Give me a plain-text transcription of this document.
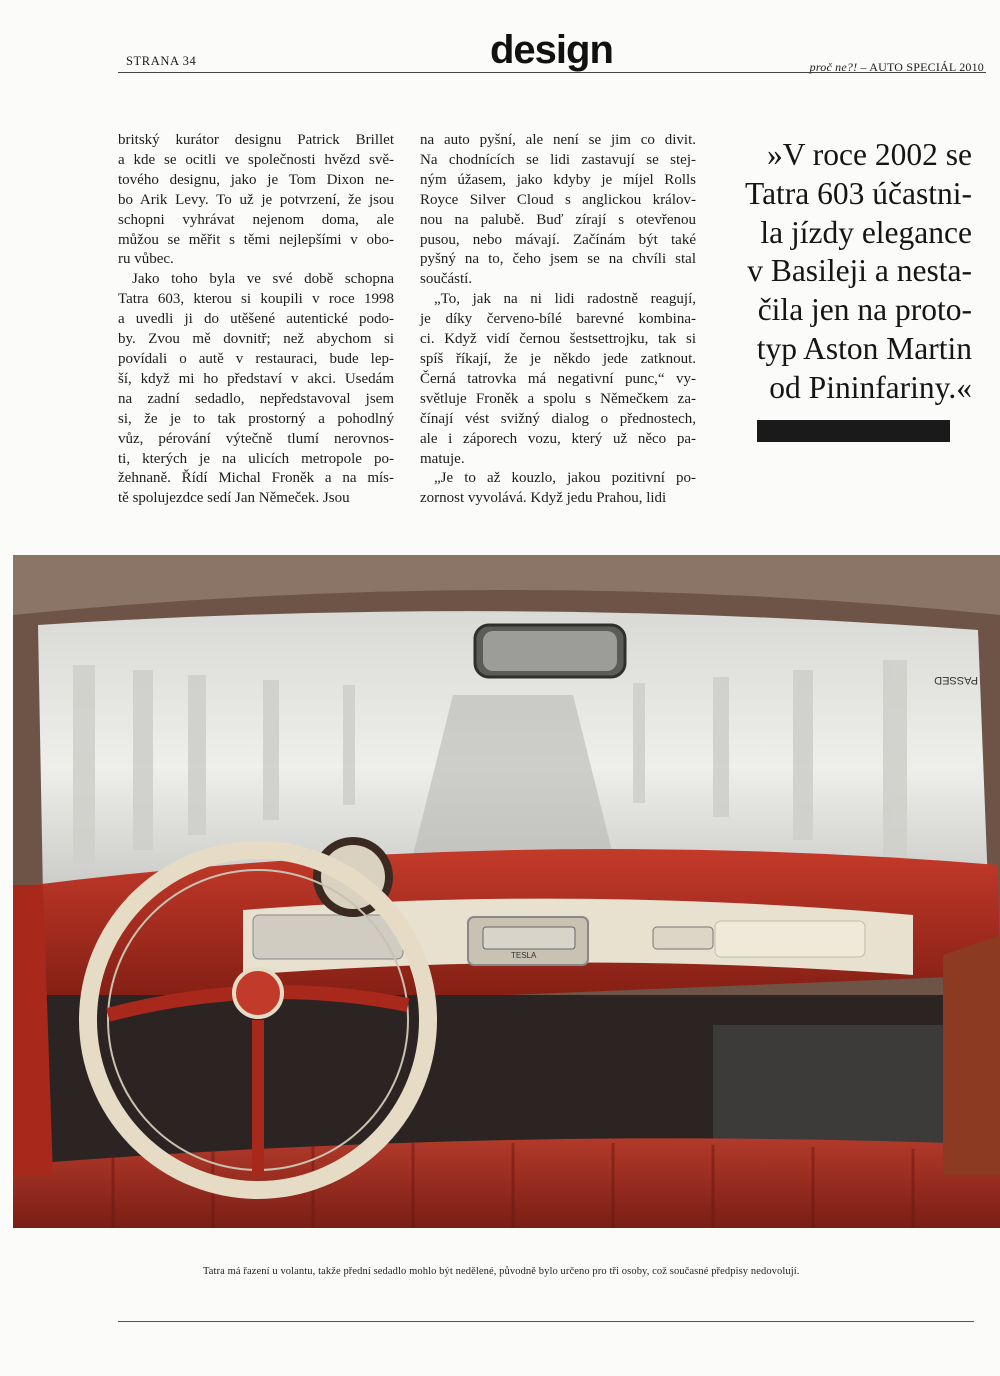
STRANA 34	design	proč ne?! – AUTO SPECIÁL 2010

britský kurátor designu Patrick Brillet
a kde se ocitli ve společnosti hvězd svě-
tového designu, jako je Tom Dixon ne-
bo Arik Levy. To už je potvrzení, že jsou
schopni vyhrávat nejenom doma, ale
můžou se měřit s těmi nejlepšími v obo-
ru vůbec.

Jako toho byla ve své době schopna
Tatra 603, kterou si koupili v roce 1998
a uvedli ji do utěšené autentické podo-
by. Zvou mě dovnitř; než abychom si
povídali o autě v restauraci, bude lep-
ší, když mi ho představí v akci. Usedám
na zadní sedadlo, nepředstavoval jsem
si, že je to tak prostorný a pohodlný
vůz, pérování výtečně tlumí nerovnos-
ti, kterých je na ulicích metropole po-
žehnaně. Řídí Michal Froněk a na mís-
tě spolujezdce sedí Jan Němeček. Jsou

na auto pyšní, ale není se jim co divit.
Na chodnících se lidi zastavují se stej-
ným úžasem, jako kdyby je míjel Rolls
Royce Silver Cloud s anglickou králov-
nou na palubě. Buď zírají s otevřenou
pusou, nebo mávají. Začínám být také
pyšný na to, čeho jsem se na chvíli stal
součástí.

„To, jak na ni lidi radostně reagují,
je díky červeno-bílé barevné kombina-
ci. Když vidí černou šestsettrojku, tak si
spíš říkají, že je někdo jede zatknout.
Černá tatrovka má negativní punc,“ vy-
světluje Froněk a spolu s Němečkem za-
čínají vést svižný dialog o přednostech,
ale i záporech vozu, který už něco pa-
matuje.

„Je to až kouzlo, jakou pozitivní po-
zornost vyvolává. Když jedu Prahou, lidi

»V roce 2002 se
Tatra 603 účastni-
la jízdy elegance
v Basileji a nesta-
čila jen na proto-
typ Aston Martin
od Pininfariny.«
PASSED
TESLA
Tatra má řazení u volantu, takže přední sedadlo mohlo být nedělené, původně bylo určeno pro tři osoby, což současné předpisy nedovolují.
